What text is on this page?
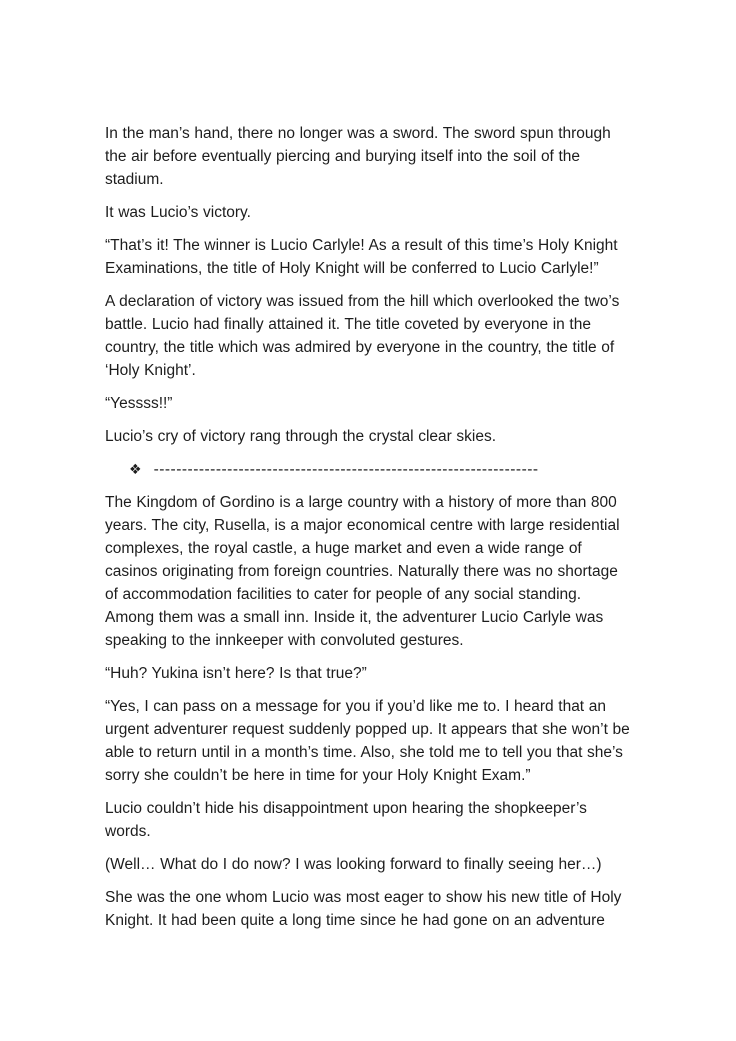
In the man’s hand, there no longer was a sword. The sword spun through the air before eventually piercing and burying itself into the soil of the stadium.

It was Lucio’s victory.

“That’s it! The winner is Lucio Carlyle! As a result of this time’s Holy Knight Examinations, the title of Holy Knight will be conferred to Lucio Carlyle!”

A declaration of victory was issued from the hill which overlooked the two’s battle. Lucio had finally attained it. The title coveted by everyone in the country, the title which was admired by everyone in the country, the title of ‘Holy Knight’.

“Yessss!!”

Lucio’s cry of victory rang through the crystal clear skies.

❖ --------------------------------------------------------------------

The Kingdom of Gordino is a large country with a history of more than 800 years. The city, Rusella, is a major economical centre with large residential complexes, the royal castle, a huge market and even a wide range of casinos originating from foreign countries. Naturally there was no shortage of accommodation facilities to cater for people of any social standing. Among them was a small inn. Inside it, the adventurer Lucio Carlyle was speaking to the innkeeper with convoluted gestures.

“Huh? Yukina isn’t here? Is that true?”

“Yes, I can pass on a message for you if you’d like me to. I heard that an urgent adventurer request suddenly popped up. It appears that she won’t be able to return until in a month’s time. Also, she told me to tell you that she’s sorry she couldn’t be here in time for your Holy Knight Exam.”

Lucio couldn’t hide his disappointment upon hearing the shopkeeper’s words.

(Well… What do I do now? I was looking forward to finally seeing her…)

She was the one whom Lucio was most eager to show his new title of Holy Knight. It had been quite a long time since he had gone on an adventure
